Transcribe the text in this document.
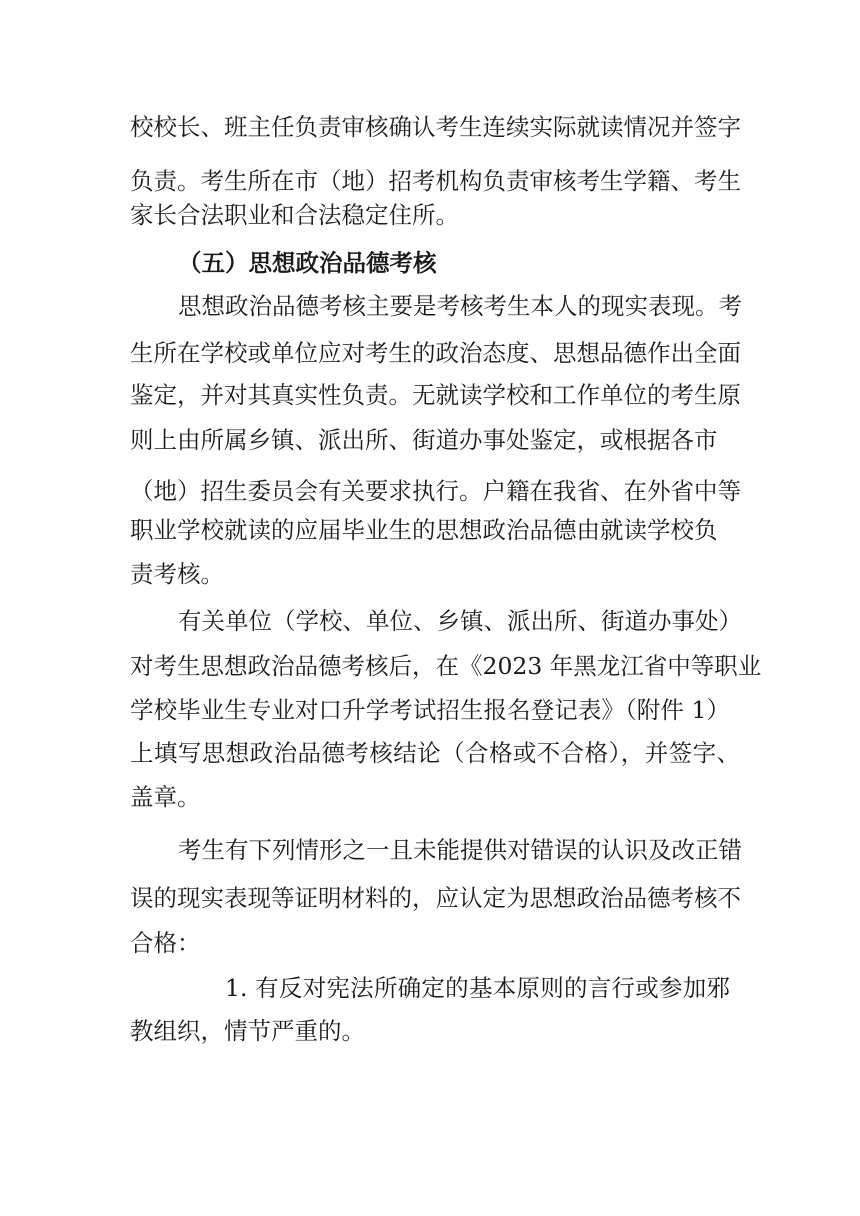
校校长、班主任负责审核确认考生连续实际就读情况并签字
负责。考生所在市（地）招考机构负责审核考生学籍、考生
家长合法职业和合法稳定住所。
（五）思想政治品德考核
思想政治品德考核主要是考核考生本人的现实表现。考
生所在学校或单位应对考生的政治态度、思想品德作出全面
鉴定，并对其真实性负责。无就读学校和工作单位的考生原
则上由所属乡镇、派出所、街道办事处鉴定，或根据各市
（地）招生委员会有关要求执行。户籍在我省、在外省中等
职业学校就读的应届毕业生的思想政治品德由就读学校负
责考核。
有关单位（学校、单位、乡镇、派出所、街道办事处）
对考生思想政治品德考核后，在《2023 年黑龙江省中等职业
学校毕业生专业对口升学考试招生报名登记表》（附件 1）
上填写思想政治品德考核结论（合格或不合格），并签字、
盖章。
考生有下列情形之一且未能提供对错误的认识及改正错
误的现实表现等证明材料的，应认定为思想政治品德考核不
合格：
1. 有反对宪法所确定的基本原则的言行或参加邪
教组织，情节严重的。
